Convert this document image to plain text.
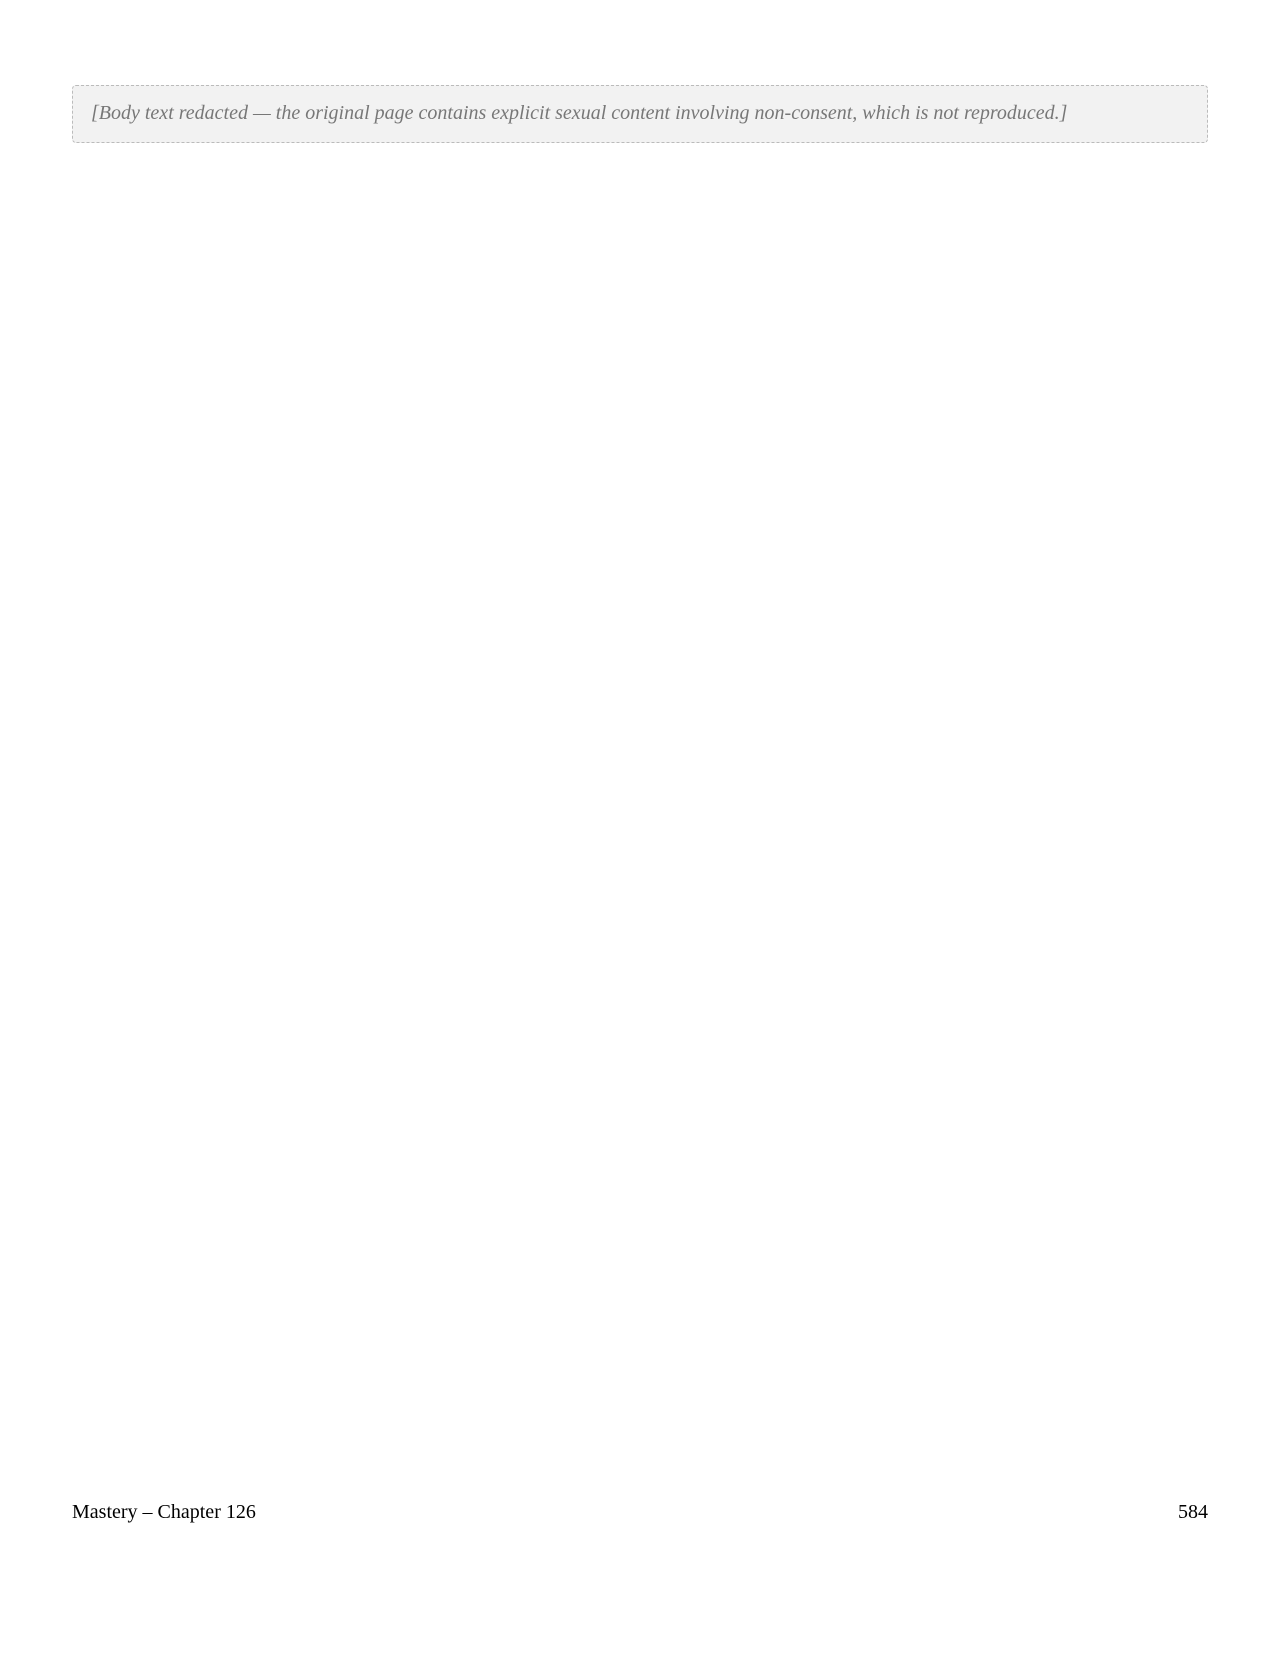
[Body text redacted — the original page contains explicit sexual content involving non-consent, which is not reproduced.]
Mastery – Chapter 126	584
